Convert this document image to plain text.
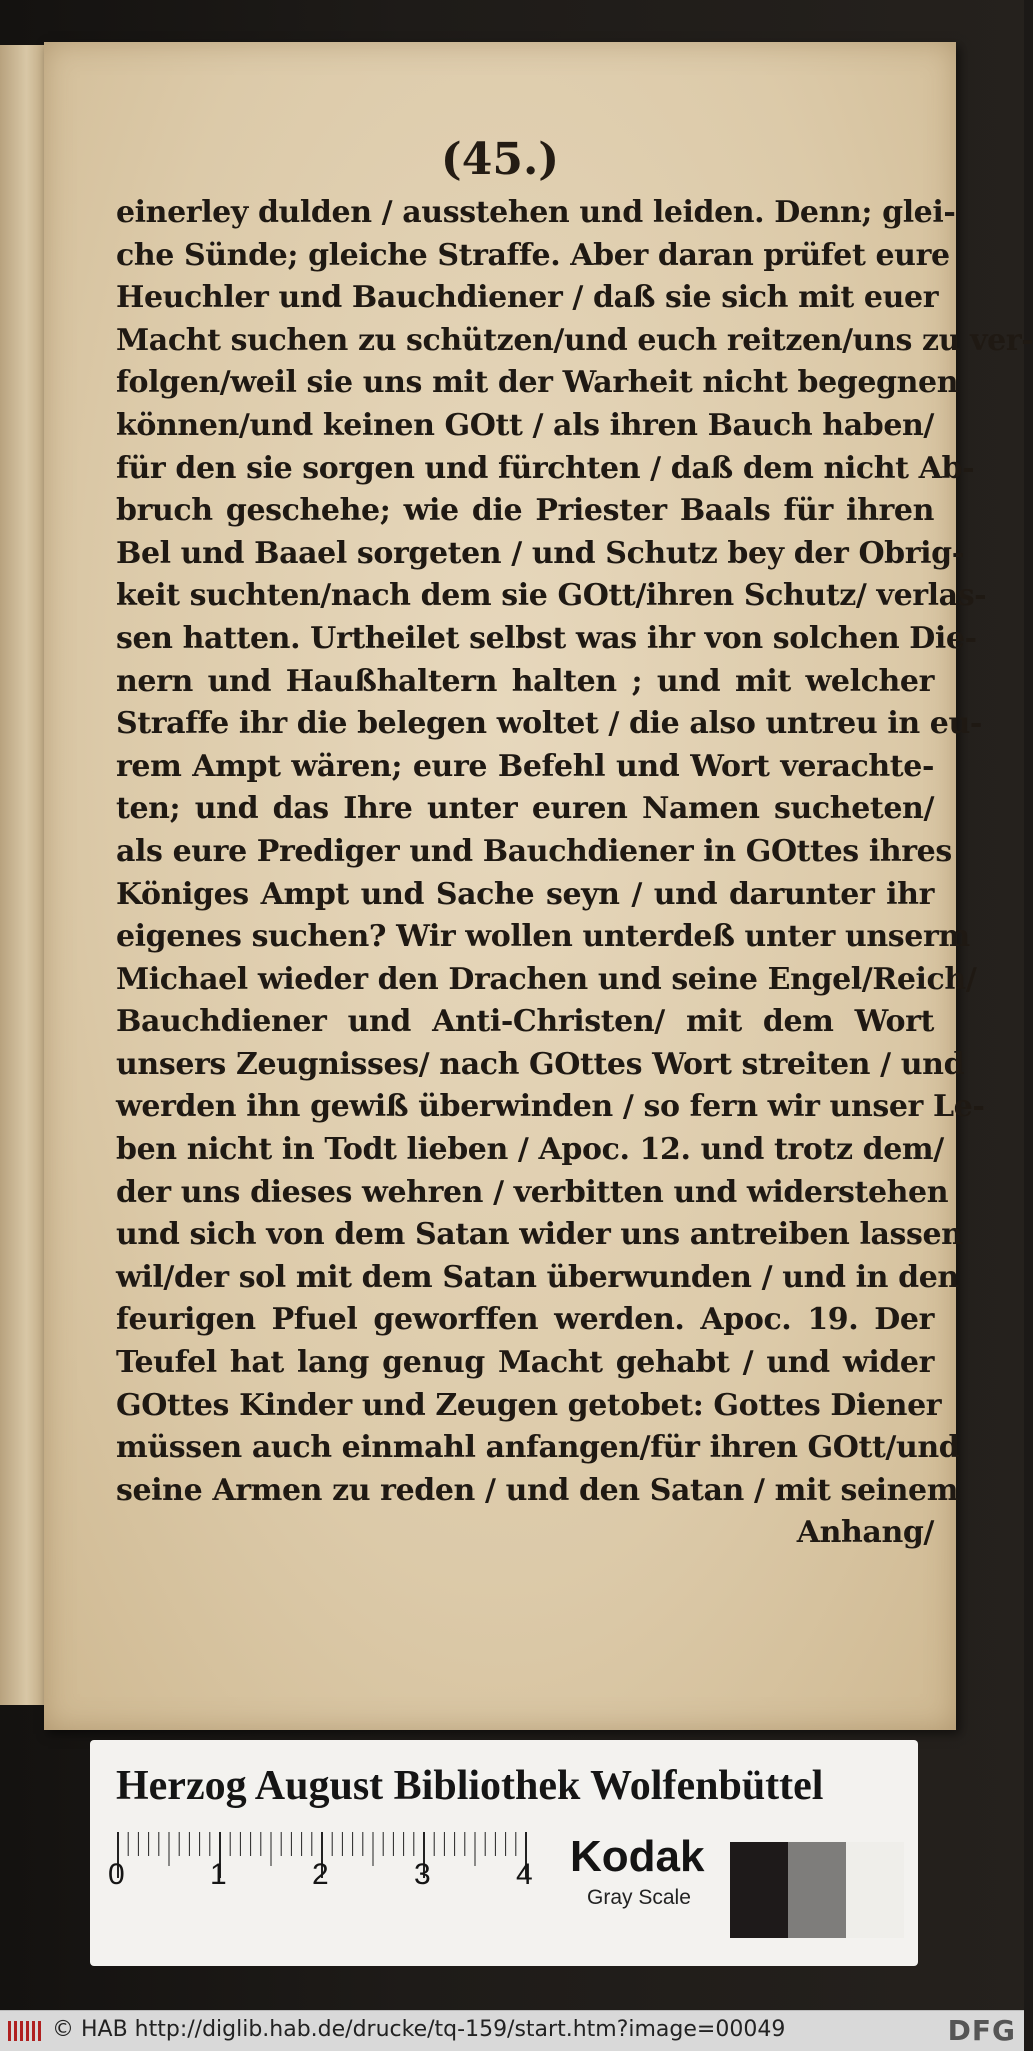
(45.)
einerley dulden / ausstehen und leiden. Denn; glei-
che Sünde; gleiche Straffe. Aber daran prüfet eure
Heuchler und Bauchdiener / daß sie sich mit euer
Macht suchen zu schützen/und euch reitzen/uns zu ver-
folgen/weil sie uns mit der Warheit nicht begegnen
können/und keinen GOtt / als ihren Bauch haben/
für den sie sorgen und fürchten / daß dem nicht Ab-
bruch geschehe; wie die Priester Baals für ihren
Bel und Baael sorgeten / und Schutz bey der Obrig-
keit suchten/nach dem sie GOtt/ihren Schutz/ verlas-
sen hatten. Urtheilet selbst was ihr von solchen Die-
nern und Haußhaltern halten ; und mit welcher
Straffe ihr die belegen woltet / die also untreu in eu-
rem Ampt wären; eure Befehl und Wort verachte-
ten; und das Ihre unter euren Namen sucheten/
als eure Prediger und Bauchdiener in GOttes ihres
Königes Ampt und Sache seyn / und darunter ihr
eigenes suchen? Wir wollen unterdeß unter unserm
Michael wieder den Drachen und seine Engel/Reich/
Bauchdiener und Anti-Christen/ mit dem Wort
unsers Zeugnisses/ nach GOttes Wort streiten / und
werden ihn gewiß überwinden / so fern wir unser Le-
ben nicht in Todt lieben / Apoc. 12. und trotz dem/
der uns dieses wehren / verbitten und widerstehen
und sich von dem Satan wider uns antreiben lassen
wil/der sol mit dem Satan überwunden / und in den
feurigen Pfuel geworffen werden. Apoc. 19. Der
Teufel hat lang genug Macht gehabt / und wider
GOttes Kinder und Zeugen getobet: Gottes Diener
müssen auch einmahl anfangen/für ihren GOtt/und
seine Armen zu reden / und den Satan / mit seinem
Anhang/
Herzog August Bibliothek Wolfenbüttel
0	1	2	3	4 Kodak
Gray Scale

© HAB http://diglib.hab.de/drucke/tq-159/start.htm?image=00049	DFG
